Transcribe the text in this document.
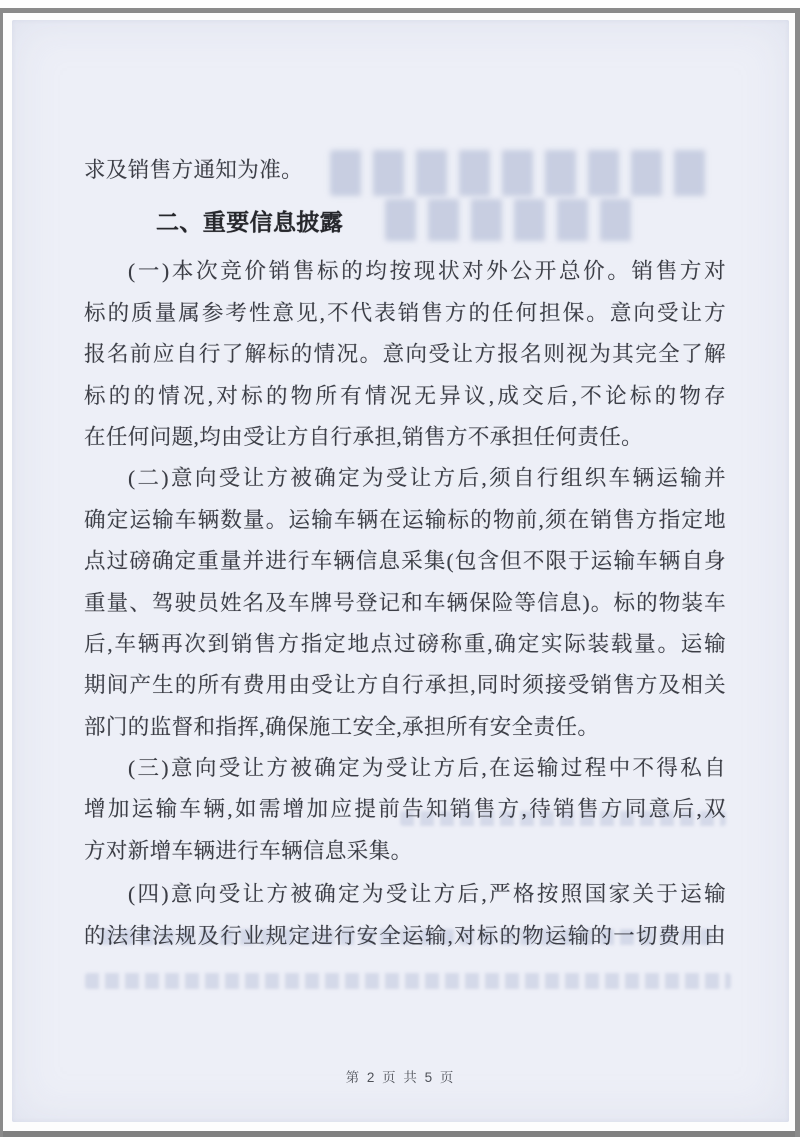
求及销售方通知为准。
二、重要信息披露
(一)本次竞价销售标的均按现状对外公开总价。销售方对
标的质量属参考性意见,不代表销售方的任何担保。意向受让方
报名前应自行了解标的情况。意向受让方报名则视为其完全了解
标的的情况,对标的物所有情况无异议,成交后,不论标的物存
在任何问题,均由受让方自行承担,销售方不承担任何责任。
(二)意向受让方被确定为受让方后,须自行组织车辆运输并
确定运输车辆数量。运输车辆在运输标的物前,须在销售方指定地
点过磅确定重量并进行车辆信息采集(包含但不限于运输车辆自身
重量、驾驶员姓名及车牌号登记和车辆保险等信息)。标的物装车
后,车辆再次到销售方指定地点过磅称重,确定实际装载量。运输
期间产生的所有费用由受让方自行承担,同时须接受销售方及相关
部门的监督和指挥,确保施工安全,承担所有安全责任。
(三)意向受让方被确定为受让方后,在运输过程中不得私自
增加运输车辆,如需增加应提前告知销售方,待销售方同意后,双
方对新增车辆进行车辆信息采集。
(四)意向受让方被确定为受让方后,严格按照国家关于运输
的法律法规及行业规定进行安全运输,对标的物运输的一切费用由
第 2 页 共 5 页
